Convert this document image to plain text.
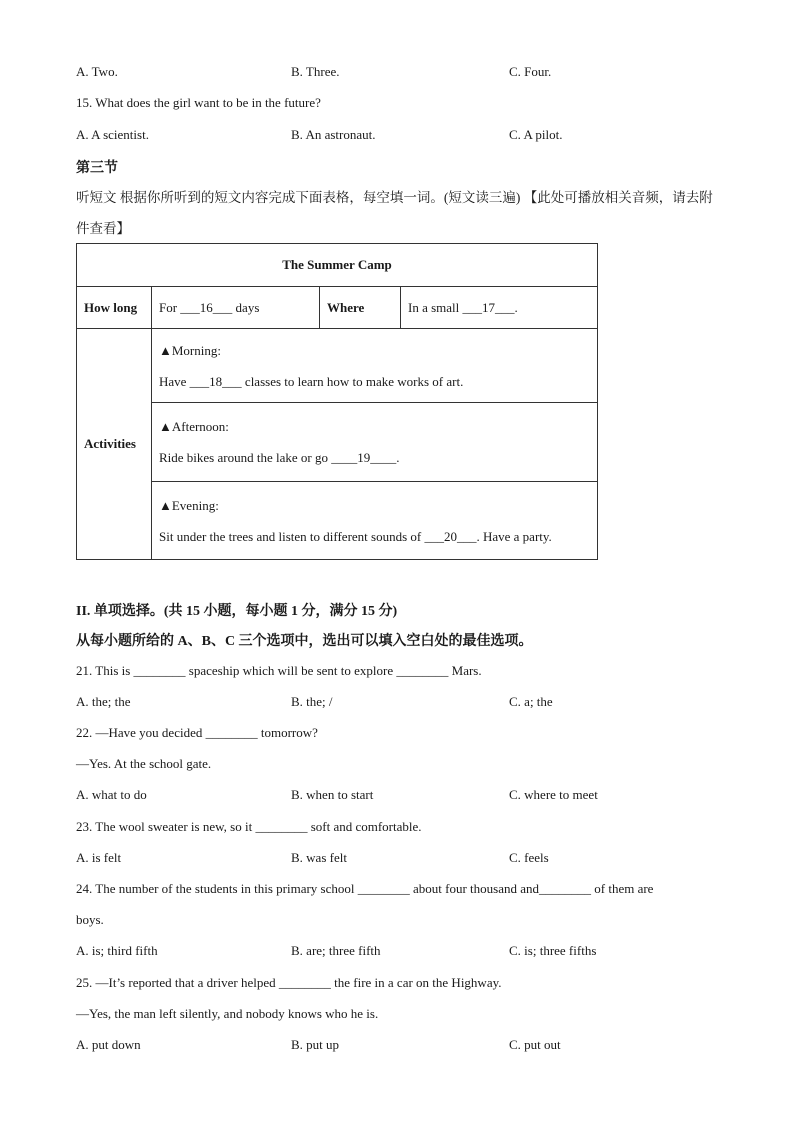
A. Two.	B. Three.	C. Four.
15. What does the girl want to be in the future?
A. A scientist.	B. An astronaut.	C. A pilot.
第三节
听短文 根据你所听到的短文内容完成下面表格，每空填一词。(短文读三遍) 【此处可播放相关音频，请去附件查看】
The Summer Camp			
How long	For ___16___ days	Where	In a small ___17___.
Activities	▲Morning:
Have ___18___ classes to learn how to make works of art.		

	▲Afternoon:
Ride bikes around the lake or go ____19____.		

	▲Evening:
Sit under the trees and listen to different sounds of ___20___. Have a party.		
II. 单项选择。(共 15 小题，每小题 1 分，满分 15 分)
从每小题所给的 A、B、C 三个选项中，选出可以填入空白处的最佳选项。
21. This is ________ spaceship which will be sent to explore ________ Mars.
A. the; the	B. the; /	C. a; the
22. —Have you decided ________ tomorrow?
—Yes. At the school gate.
A. what to do	B. when to start	C. where to meet
23. The wool sweater is new, so it ________ soft and comfortable.
A. is felt	B. was felt	C. feels
24. The number of the students in this primary school ________ about four thousand and________ of them are
boys.
A. is; third fifth	B. are; three fifth	C. is; three fifths
25. —It’s reported that a driver helped ________ the fire in a car on the Highway.
—Yes, the man left silently, and nobody knows who he is.
A. put down	B. put up	C. put out
